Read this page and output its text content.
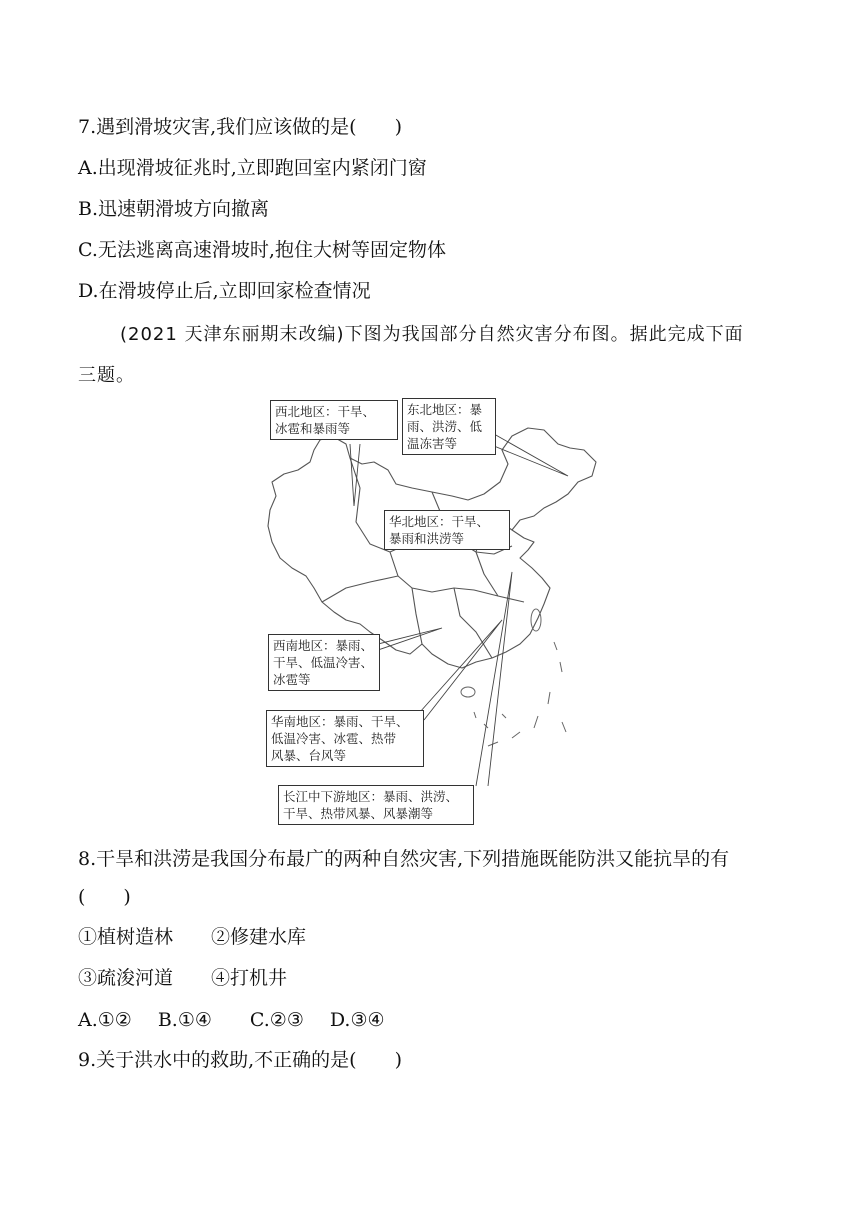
7.遇到滑坡灾害,我们应该做的是(　　)
A.出现滑坡征兆时,立即跑回室内紧闭门窗
B.迅速朝滑坡方向撤离
C.无法逃离高速滑坡时,抱住大树等固定物体
D.在滑坡停止后,立即回家检查情况
(2021 天津东丽期末改编)下图为我国部分自然灾害分布图。据此完成下面
三题。
西北地区：干旱、
冰雹和暴雨等
东北地区：暴
雨、洪涝、低
温冻害等
华北地区：干旱、
暴雨和洪涝等
西南地区：暴雨、
干旱、低温冷害、
冰雹等
华南地区：暴雨、干旱、
低温冷害、冰雹、热带
风暴、台风等
长江中下游地区：暴雨、洪涝、
干旱、热带风暴、风暴潮等
8.干旱和洪涝是我国分布最广的两种自然灾害,下列措施既能防洪又能抗旱的有
(　　)
①植树造林 ②修建水库
③疏浚河道 ④打机井
A.①② B.①④ C.②③ D.③④
9.关于洪水中的救助,不正确的是(　　)
